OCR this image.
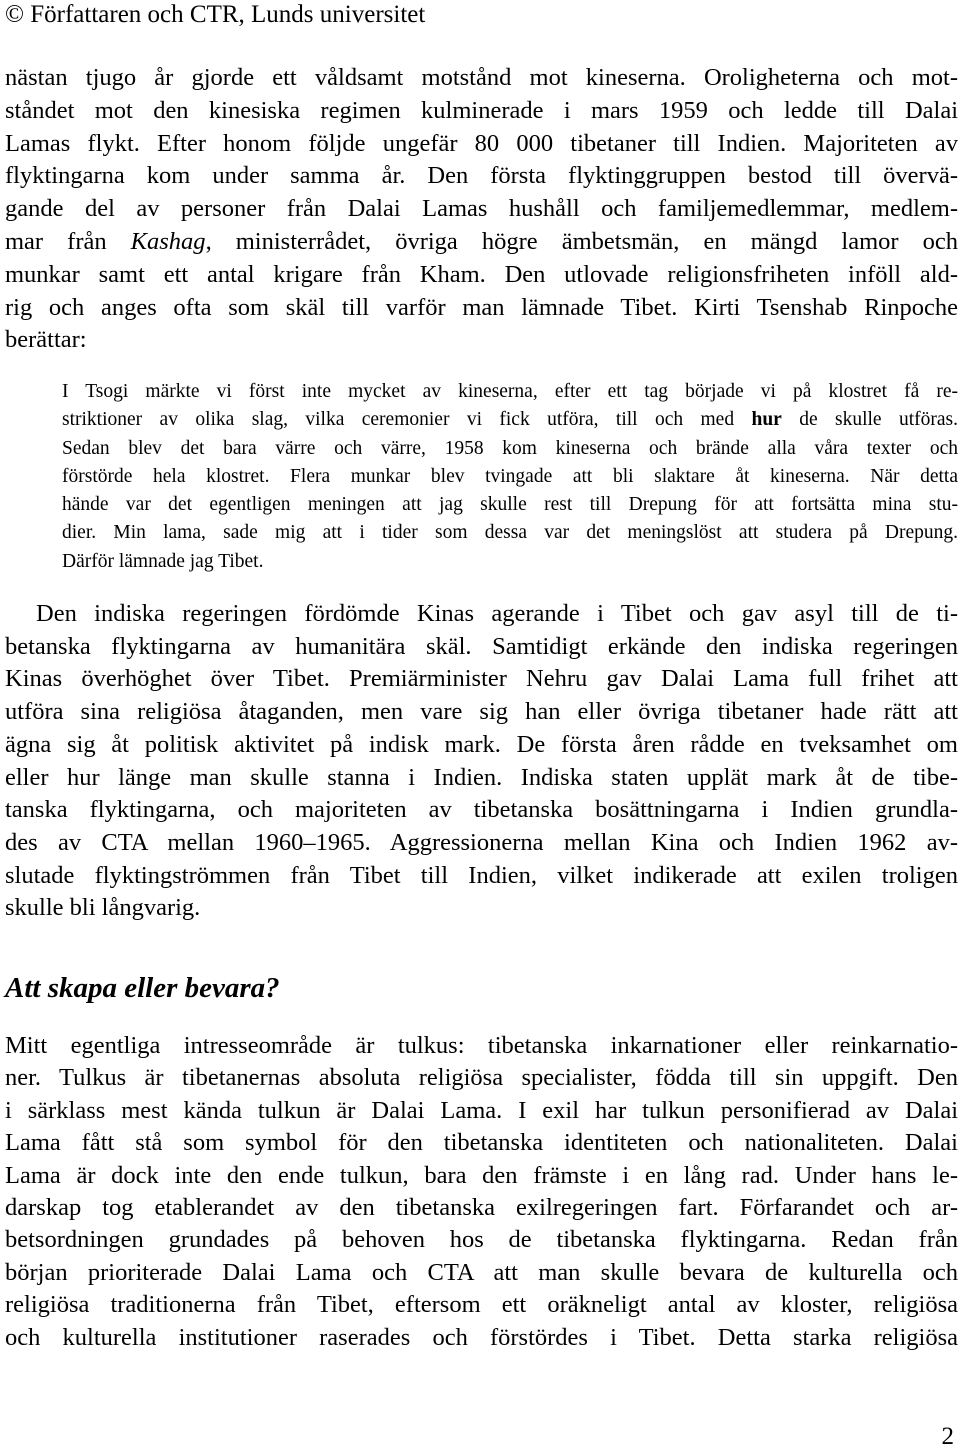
© Författaren och CTR, Lunds universitet
nästan tjugo år gjorde ett våldsamt motstånd mot kineserna. Oroligheterna och mot-
ståndet mot den kinesiska regimen kulminerade i mars 1959 och ledde till Dalai
Lamas flykt. Efter honom följde ungefär 80 000 tibetaner till Indien. Majoriteten av
flyktingarna kom under samma år. Den första flyktinggruppen bestod till övervä-
gande del av personer från Dalai Lamas hushåll och familjemedlemmar, medlem-
mar från Kashag, ministerrådet, övriga högre ämbetsmän, en mängd lamor och
munkar samt ett antal krigare från Kham. Den utlovade religionsfriheten inföll ald-
rig och anges ofta som skäl till varför man lämnade Tibet. Kirti Tsenshab Rinpoche
berättar:
I Tsogi märkte vi först inte mycket av kineserna, efter ett tag började vi på klostret få re-
striktioner av olika slag, vilka ceremonier vi fick utföra, till och med hur de skulle utföras.
Sedan blev det bara värre och värre, 1958 kom kineserna och brände alla våra texter och
förstörde hela klostret. Flera munkar blev tvingade att bli slaktare åt kineserna. När detta
hände var det egentligen meningen att jag skulle rest till Drepung för att fortsätta mina stu-
dier. Min lama, sade mig att i tider som dessa var det meningslöst att studera på Drepung.
Därför lämnade jag Tibet.
Den indiska regeringen fördömde Kinas agerande i Tibet och gav asyl till de ti-
betanska flyktingarna av humanitära skäl. Samtidigt erkände den indiska regeringen
Kinas överhöghet över Tibet. Premiärminister Nehru gav Dalai Lama full frihet att
utföra sina religiösa åtaganden, men vare sig han eller övriga tibetaner hade rätt att
ägna sig åt politisk aktivitet på indisk mark. De första åren rådde en tveksamhet om
eller hur länge man skulle stanna i Indien. Indiska staten upplät mark åt de tibe-
tanska flyktingarna, och majoriteten av tibetanska bosättningarna i Indien grundla-
des av CTA mellan 1960–1965. Aggressionerna mellan Kina och Indien 1962 av-
slutade flyktingströmmen från Tibet till Indien, vilket indikerade att exilen troligen
skulle bli långvarig.
Att skapa eller bevara?
Mitt egentliga intresseområde är tulkus: tibetanska inkarnationer eller reinkarnatio-
ner. Tulkus är tibetanernas absoluta religiösa specialister, födda till sin uppgift. Den
i särklass mest kända tulkun är Dalai Lama. I exil har tulkun personifierad av Dalai
Lama fått stå som symbol för den tibetanska identiteten och nationaliteten. Dalai
Lama är dock inte den ende tulkun, bara den främste i en lång rad. Under hans le-
darskap tog etablerandet av den tibetanska exilregeringen fart. Förfarandet och ar-
betsordningen grundades på behoven hos de tibetanska flyktingarna. Redan från
början prioriterade Dalai Lama och CTA att man skulle bevara de kulturella och
religiösa traditionerna från Tibet, eftersom ett oräkneligt antal av kloster, religiösa
och kulturella institutioner raserades och förstördes i Tibet. Detta starka religiösa
2
